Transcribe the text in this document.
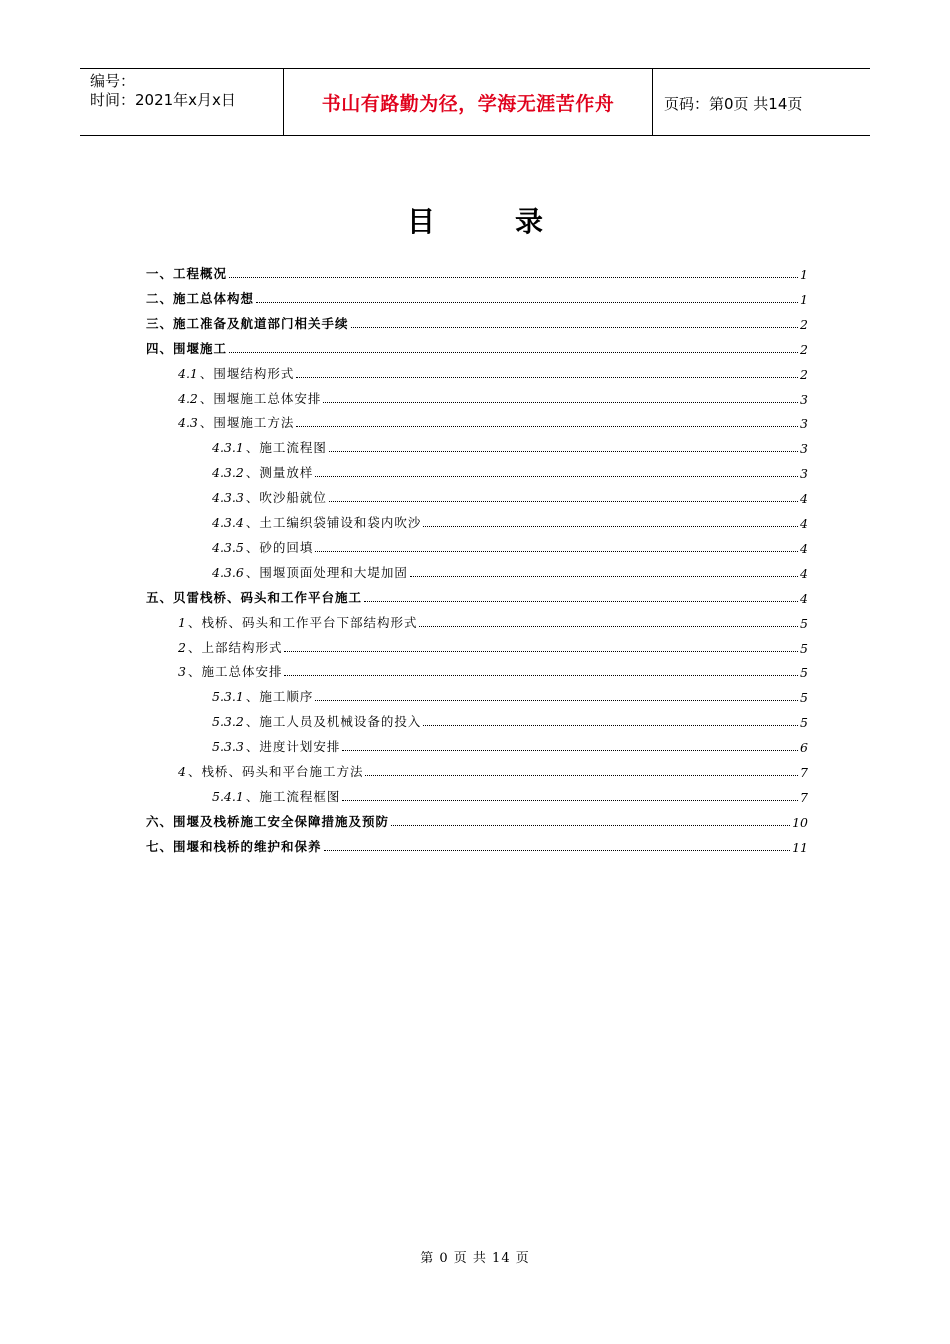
编号：
时间：2021年x月x日	书山有路勤为径，学海无涯苦作舟	页码：第0页 共14页
目	录
一、工程概况	1
二、施工总体构想	1
三、施工准备及航道部门相关手续	2
四、围堰施工	2
4.1 、围堰结构形式	2
4.2 、围堰施工总体安排	3
4.3 、围堰施工方法	3
4.3.1 、施工流程图	3
4.3.2 、测量放样	3
4.3.3 、吹沙船就位	4
4.3.4 、土工编织袋铺设和袋内吹沙	4
4.3.5 、砂的回填	4
4.3.6 、围堰顶面处理和大堤加固	4
五、贝雷栈桥、码头和工作平台施工	4
1 、栈桥、码头和工作平台下部结构形式	5
2 、上部结构形式	5
3 、施工总体安排	5
5.3.1 、施工顺序	5
5.3.2 、施工人员及机械设备的投入	5
5.3.3 、进度计划安排	6
4 、栈桥、码头和平台施工方法	7
5.4.1 、施工流程框图	7
六、围堰及栈桥施工安全保障措施及预防	10
七、围堰和栈桥的维护和保养	11
第 0 页 共 14 页
